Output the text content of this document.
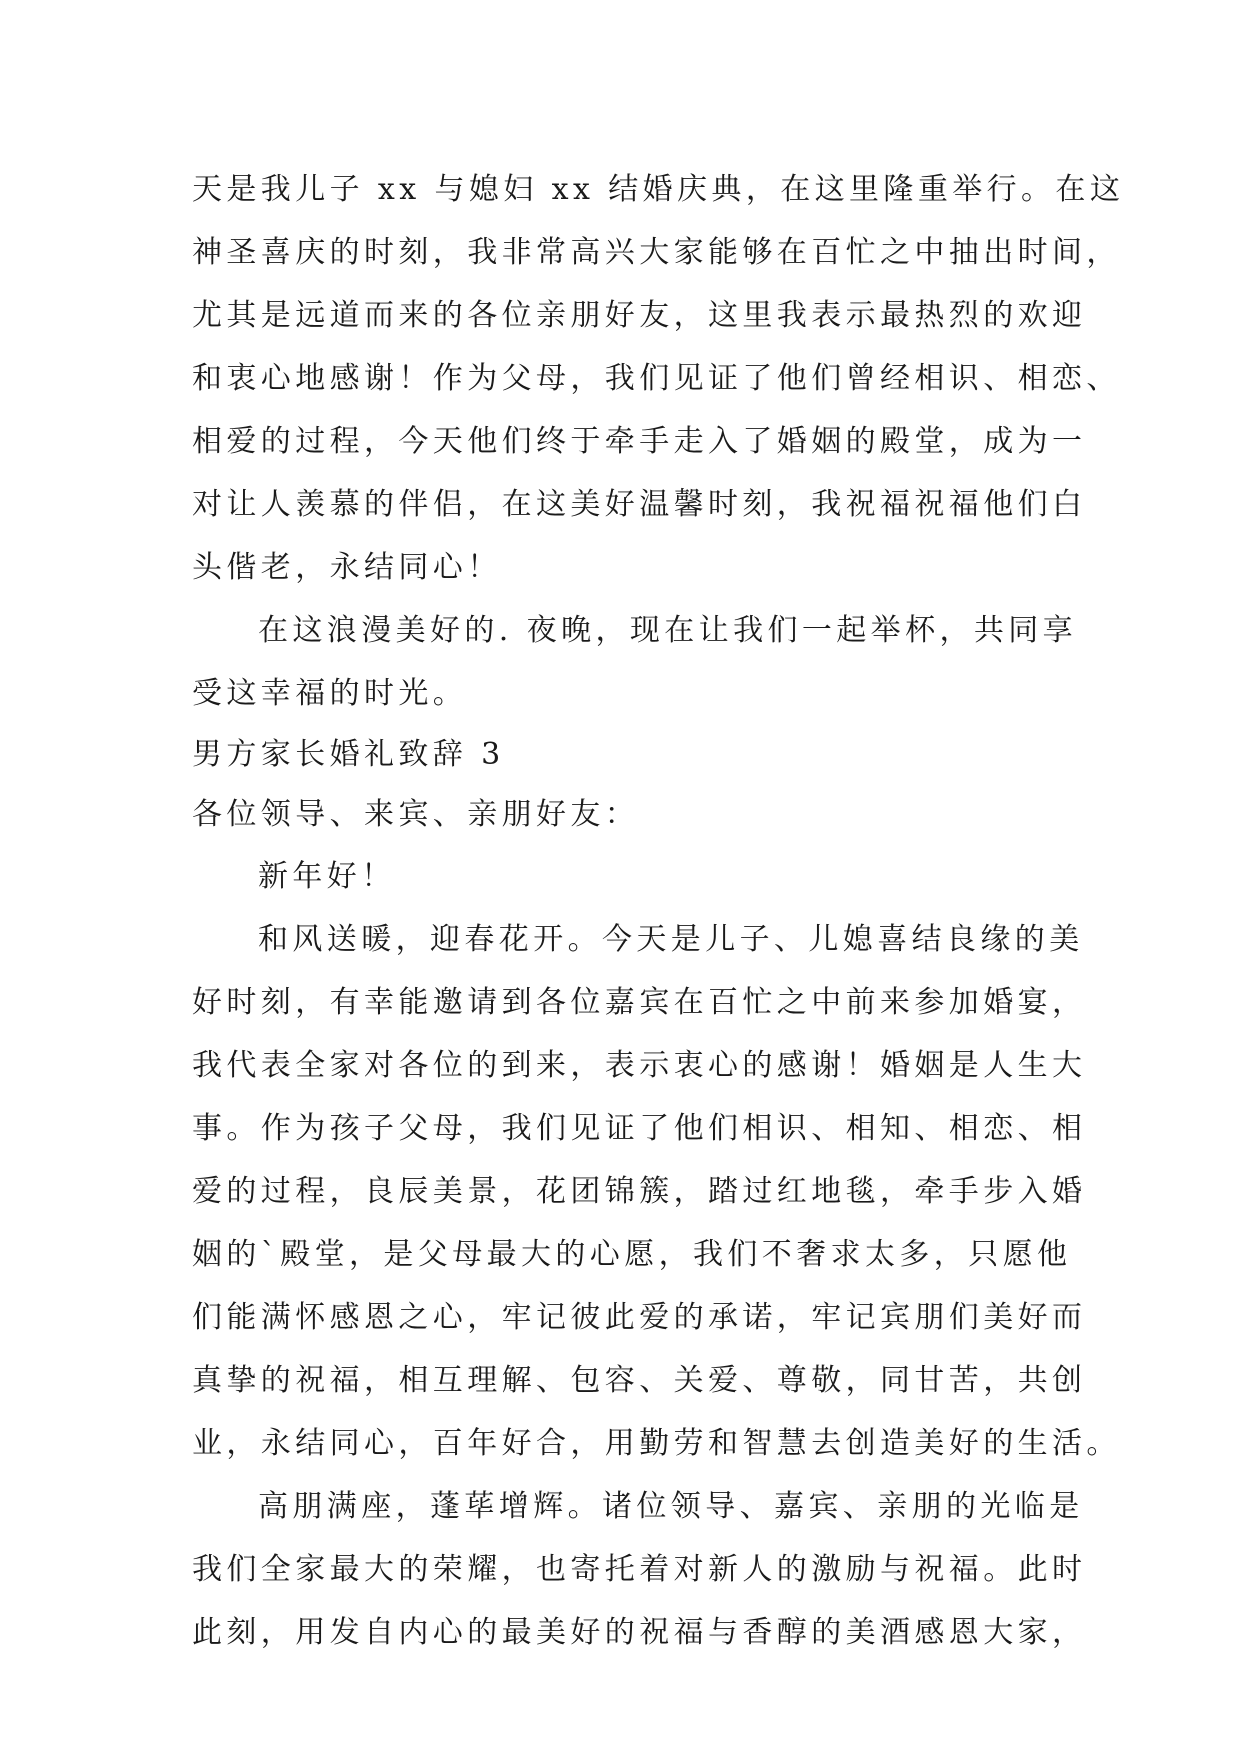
天是我儿子 xx 与媳妇 xx 结婚庆典，在这里隆重举行。在这
神圣喜庆的时刻，我非常高兴大家能够在百忙之中抽出时间，
尤其是远道而来的各位亲朋好友，这里我表示最热烈的欢迎
和衷心地感谢！作为父母，我们见证了他们曾经相识、相恋、
相爱的过程，今天他们终于牵手走入了婚姻的殿堂，成为一
对让人羡慕的伴侣，在这美好温馨时刻，我祝福祝福他们白
头偕老，永结同心！
在这浪漫美好的. 夜晚，现在让我们一起举杯，共同享
受这幸福的时光。
男方家长婚礼致辞 3
各位领导、来宾、亲朋好友：
新年好！
和风送暖，迎春花开。今天是儿子、儿媳喜结良缘的美
好时刻，有幸能邀请到各位嘉宾在百忙之中前来参加婚宴，
我代表全家对各位的到来，表示衷心的感谢！婚姻是人生大
事。作为孩子父母，我们见证了他们相识、相知、相恋、相
爱的过程，良辰美景，花团锦簇，踏过红地毯，牵手步入婚
姻的`殿堂，是父母最大的心愿，我们不奢求太多，只愿他
们能满怀感恩之心，牢记彼此爱的承诺，牢记宾朋们美好而
真挚的祝福，相互理解、包容、关爱、尊敬，同甘苦，共创
业，永结同心，百年好合，用勤劳和智慧去创造美好的生活。
高朋满座，蓬荜增辉。诸位领导、嘉宾、亲朋的光临是
我们全家最大的荣耀，也寄托着对新人的激励与祝福。此时
此刻，用发自内心的最美好的祝福与香醇的美酒感恩大家，
